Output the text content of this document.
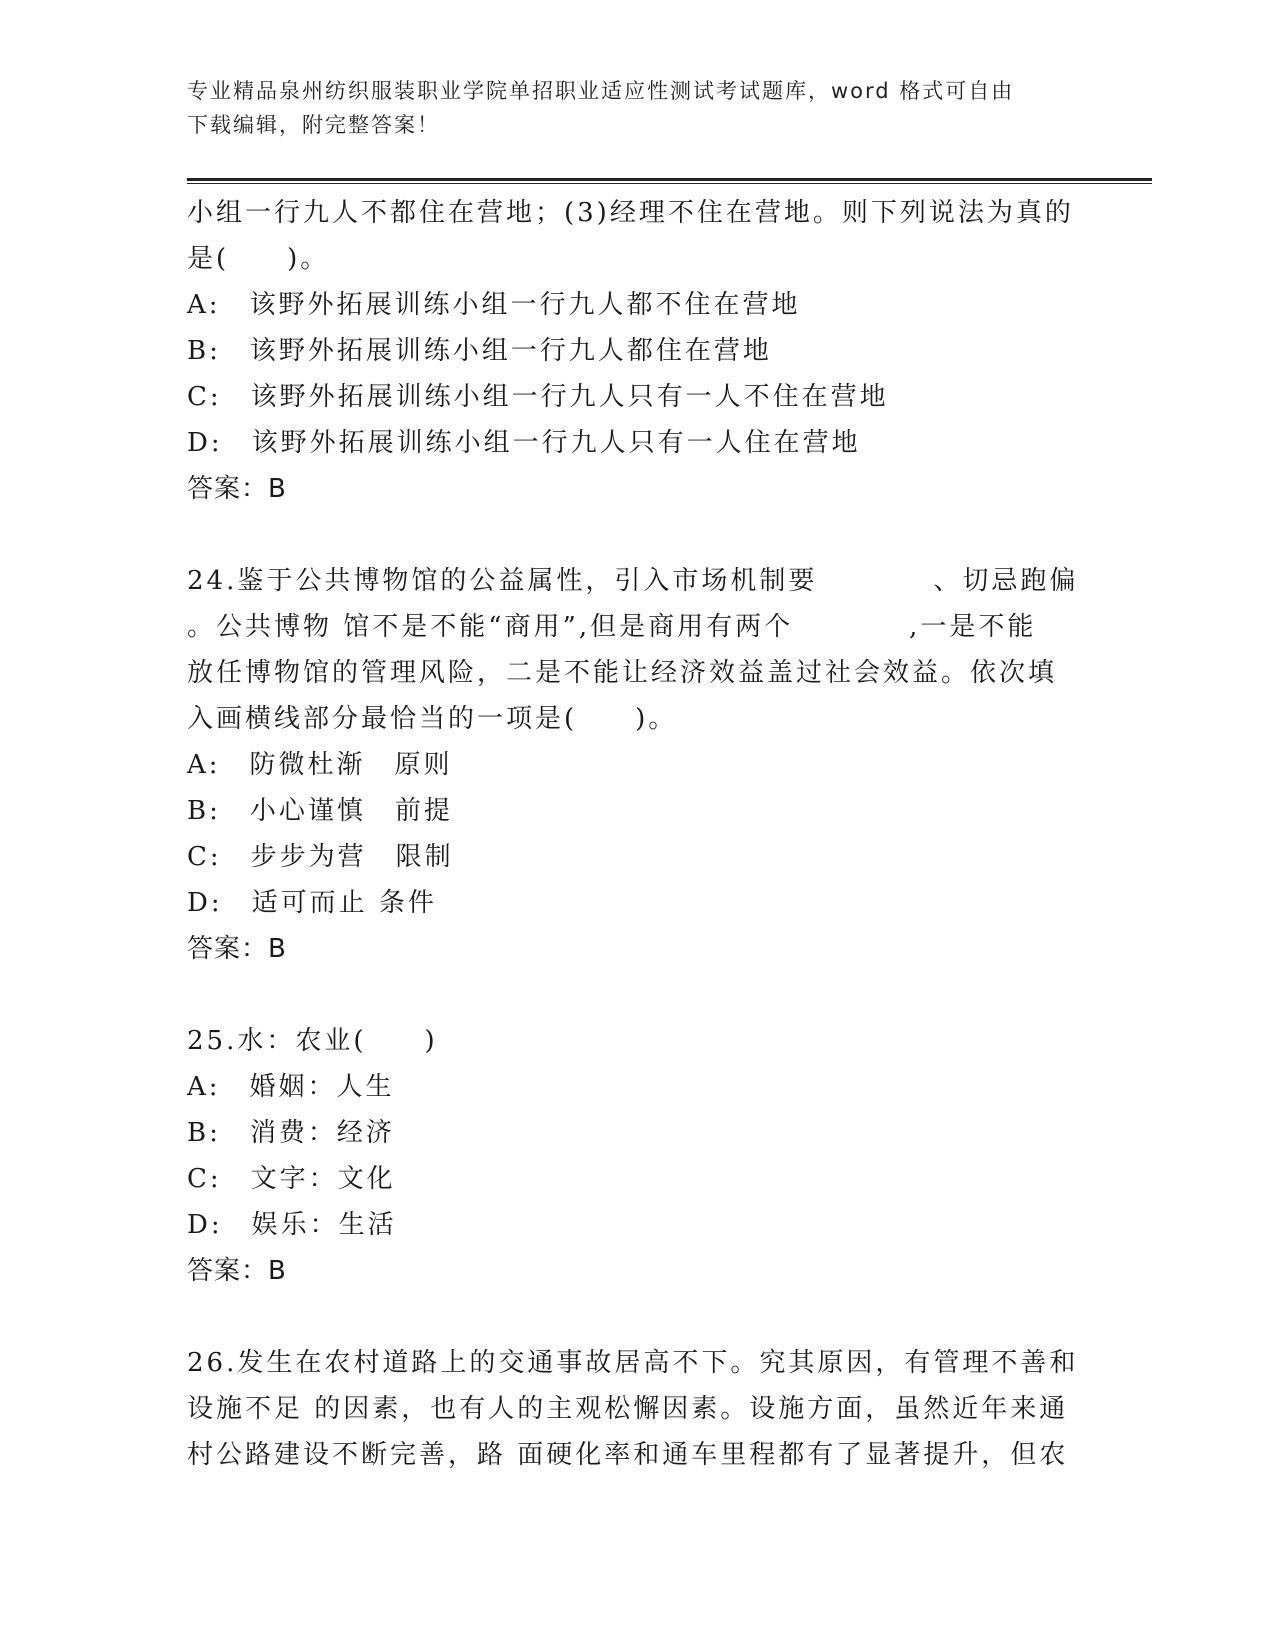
专业精品泉州纺织服装职业学院单招职业适应性测试考试题库，word 格式可自由
下载编辑，附完整答案！
小组一行九人不都住在营地；(3)经理不住在营地。则下列说法为真的
是(　　)。
A:　该野外拓展训练小组一行九人都不住在营地
B:　该野外拓展训练小组一行九人都住在营地
C:　该野外拓展训练小组一行九人只有一人不住在营地
D:　该野外拓展训练小组一行九人只有一人住在营地
答案：B
24.鉴于公共博物馆的公益属性，引入市场机制要　　　　、切忌跑偏
。公共博物 馆不是不能“商用”,但是商用有两个　　　　,一是不能
放任博物馆的管理风险，二是不能让经济效益盖过社会效益。依次填
入画横线部分最恰当的一项是(　　)。
A:　防微杜渐　原则
B:　小心谨慎　前提
C:　步步为营　限制
D:　适可而止 条件
答案：B
25.水：农业(　　)
A:　婚姻：人生
B:　消费：经济
C:　文字：文化
D:　娱乐：生活
答案：B
26.发生在农村道路上的交通事故居高不下。究其原因，有管理不善和
设施不足 的因素，也有人的主观松懈因素。设施方面，虽然近年来通
村公路建设不断完善，路 面硬化率和通车里程都有了显著提升，但农
